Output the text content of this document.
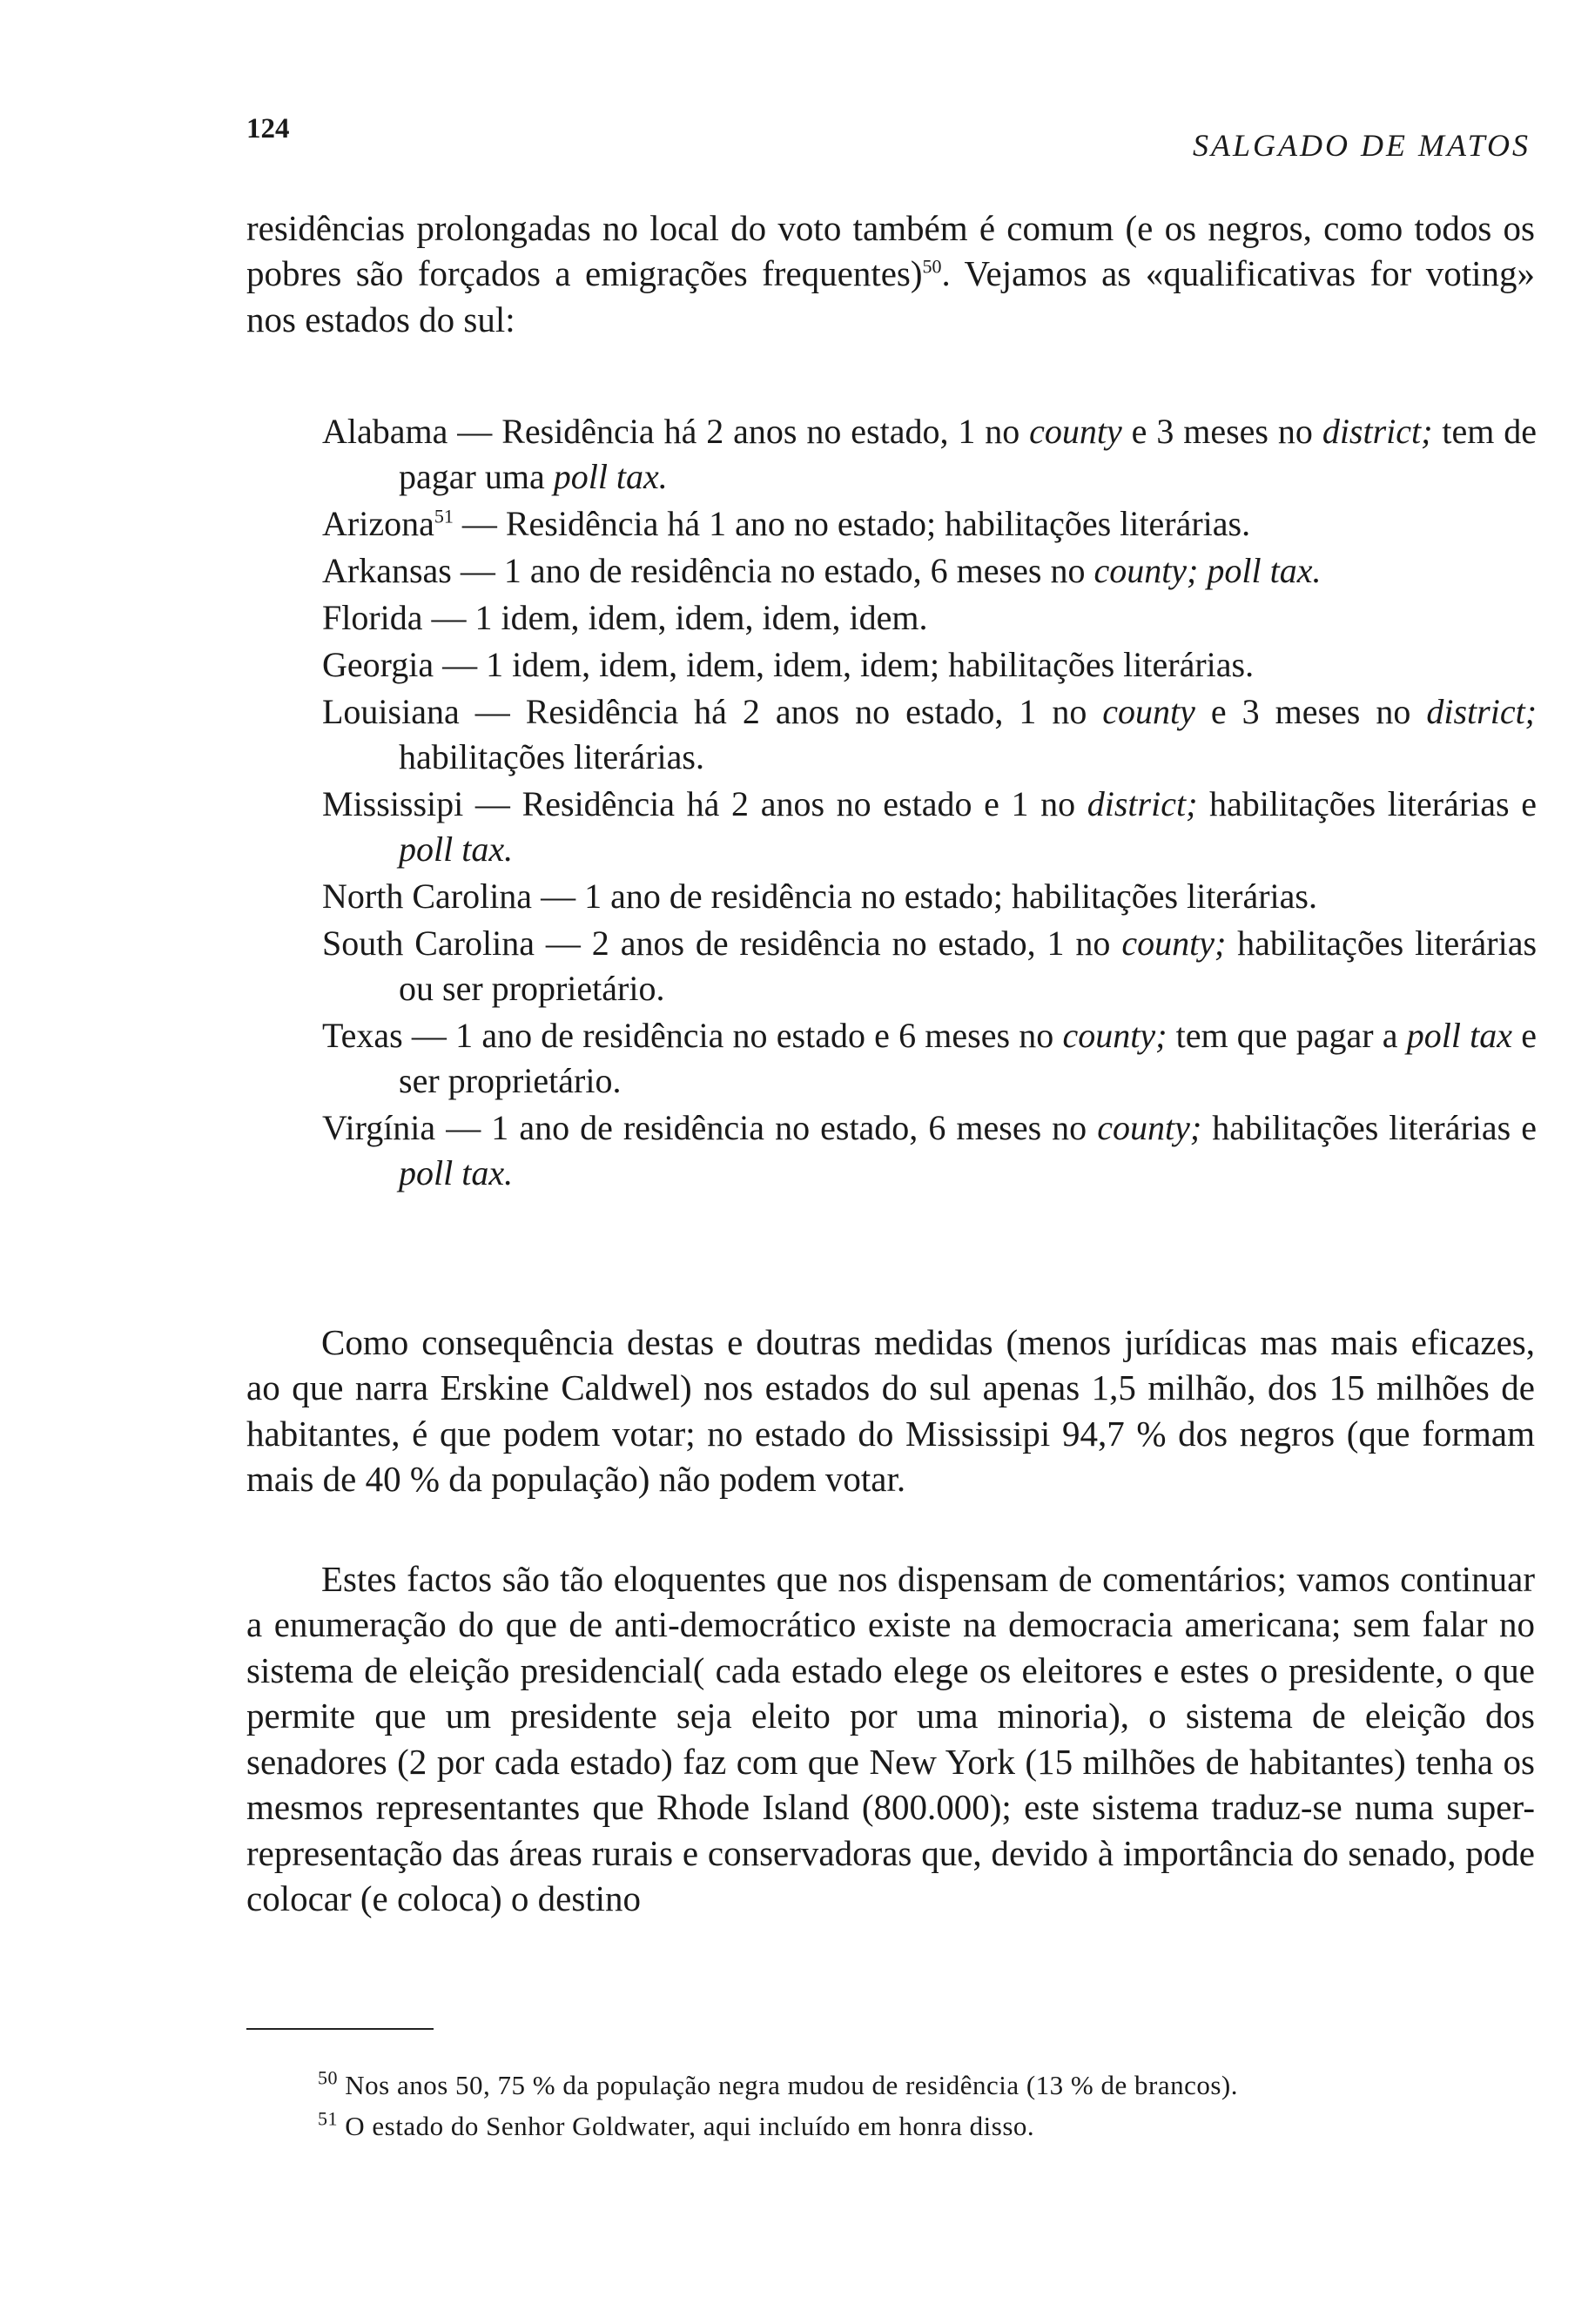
124	SALGADO DE MATOS

residências prolongadas no local do voto também é comum (e os negros, como todos os pobres são forçados a emigrações frequentes)$^{50}$. Vejamos as «qualificativas for voting» nos estados do sul:

Alabama — Residência há 2 anos no estado, 1 no county e 3 meses no district; tem de pagar uma poll tax.

Arizona$^{51}$ — Residência há 1 ano no estado; habilitações literárias.

Arkansas — 1 ano de residência no estado, 6 meses no county; poll tax.

Florida — 1 idem, idem, idem, idem, idem.

Georgia — 1 idem, idem, idem, idem, idem; habilitações literárias.

Louisiana — Residência há 2 anos no estado, 1 no county e 3 meses no district; habilitações literárias.

Mississipi — Residência há 2 anos no estado e 1 no district; habilitações literárias e poll tax.

North Carolina — 1 ano de residência no estado; habilitações literárias.

South Carolina — 2 anos de residência no estado, 1 no county; habilitações literárias ou ser proprietário.

Texas — 1 ano de residência no estado e 6 meses no county; tem que pagar a poll tax e ser proprietário.

Virgínia — 1 ano de residência no estado, 6 meses no county; habilitações literárias e poll tax.

Como consequência destas e doutras medidas (menos jurídicas mas mais eficazes, ao que narra Erskine Caldwel) nos estados do sul apenas 1,5 milhão, dos 15 milhões de habitantes, é que podem votar; no estado do Mississipi 94,7 % dos negros (que formam mais de 40 % da população) não podem votar.

Estes factos são tão eloquentes que nos dispensam de comentários; vamos continuar a enumeração do que de anti-democrático existe na democracia americana; sem falar no sistema de eleição presidencial( cada estado elege os eleitores e estes o presidente, o que permite que um presidente seja eleito por uma minoria), o sistema de eleição dos senadores (2 por cada estado) faz com que New York (15 milhões de habitantes) tenha os mesmos representantes que Rhode Island (800.000); este sistema traduz-se numa super-representação das áreas rurais e conservadoras que, devido à importância do senado, pode colocar (e coloca) o destino

$^{50}$ Nos anos 50, 75 % da população negra mudou de residência (13 % de brancos).
$^{51}$ O estado do Senhor Goldwater, aqui incluído em honra disso.
